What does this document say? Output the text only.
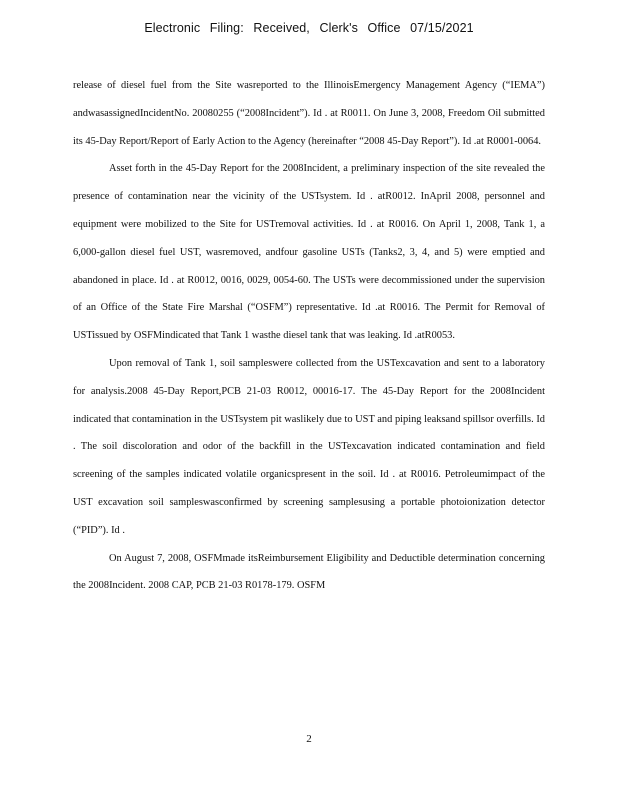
Electronic Filing: Received, Clerk's Office 07/15/2021

release of diesel fuel from the Site wasreported to the IllinoisEmergency Management Agency (“IEMA”) andwasassignedIncidentNo. 20080255 (“2008Incident”). Id . at R0011. On June 3, 2008, Freedom Oil submitted its 45-Day Report/Report of Early Action to the Agency (hereinafter “2008 45-Day Report”). Id .at R0001-0064.

Asset forth in the 45-Day Report for the 2008Incident, a preliminary inspection of the site revealed the presence of contamination near the vicinity of the USTsystem. Id . atR0012. InApril 2008, personnel and equipment were mobilized to the Site for USTremoval activities. Id . at R0016. On April 1, 2008, Tank 1, a 6,000-gallon diesel fuel UST, wasremoved, andfour gasoline USTs (Tanks2, 3, 4, and 5) were emptied and abandoned in place. Id . at R0012, 0016, 0029, 0054-60. The USTs were decommissioned under the supervision of an Office of the State Fire Marshal (“OSFM”) representative. Id .at R0016. The Permit for Removal of USTissued by OSFMindicated that Tank 1 wasthe diesel tank that was leaking. Id .atR0053.

Upon removal of Tank 1, soil sampleswere collected from the USTexcavation and sent to a laboratory for analysis.2008 45-Day Report,PCB 21-03 R0012, 00016-17. The 45-Day Report for the 2008Incident indicated that contamination in the USTsystem pit waslikely due to UST and piping leaksand spillsor overfills. Id . The soil discoloration and odor of the backfill in the USTexcavation indicated contamination and field screening of the samples indicated volatile organicspresent in the soil. Id . at R0016. Petroleumimpact of the UST excavation soil sampleswasconfirmed by screening samplesusing a portable photoionization detector (“PID”). Id .

On August 7, 2008, OSFMmade itsReimbursement Eligibility and Deductible determination concerning the 2008Incident. 2008 CAP, PCB 21-03 R0178-179. OSFM

2
